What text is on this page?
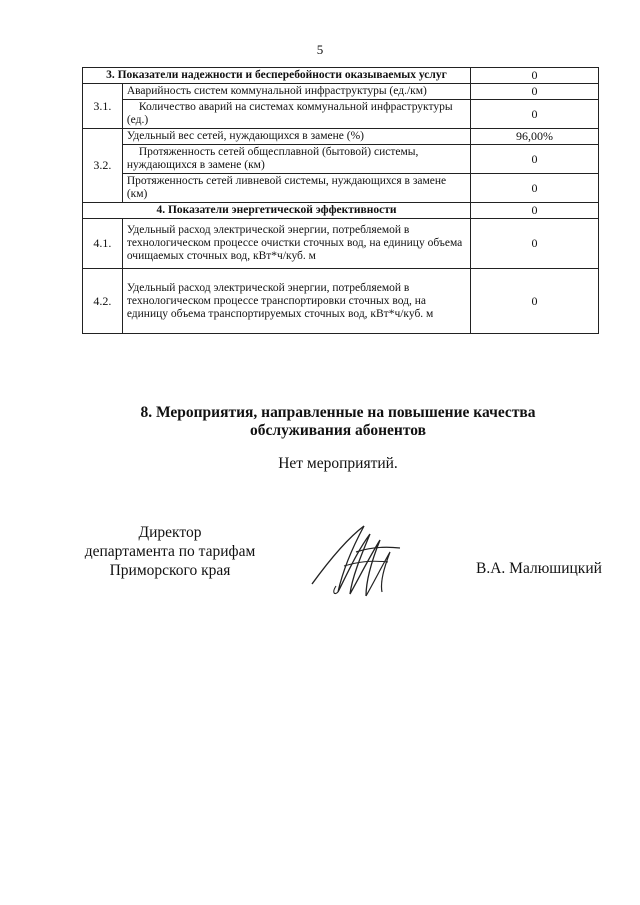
5
3. Показатели надежности и бесперебойности оказываемых услуг		0
3.1.	Аварийность систем коммунальной инфраструктуры (ед./км)	0
	Количество аварий на системах коммунальной инфраструктуры (ед.)	0
3.2.	Удельный вес сетей, нуждающихся в замене (%)	96,00%
	Протяженность сетей общесплавной (бытовой) системы, нуждающихся в замене (км)	0
	Протяженность сетей ливневой системы, нуждающихся в замене (км)	0
4. Показатели энергетической эффективности		0
4.1.	Удельный расход электрической энергии, потребляемой в технологическом процессе очистки сточных вод, на единицу объема очищаемых сточных вод, кВт*ч/куб. м	0
4.2.	Удельный расход электрической энергии, потребляемой в технологическом процессе транспортировки сточных вод, на единицу объема транспортируемых сточных вод, кВт*ч/куб. м	0
8. Мероприятия, направленные на повышение качества
обслуживания абонентов
Нет мероприятий.
Директор
департамента по тарифам
Приморского края	В.А. Малюшицкий
